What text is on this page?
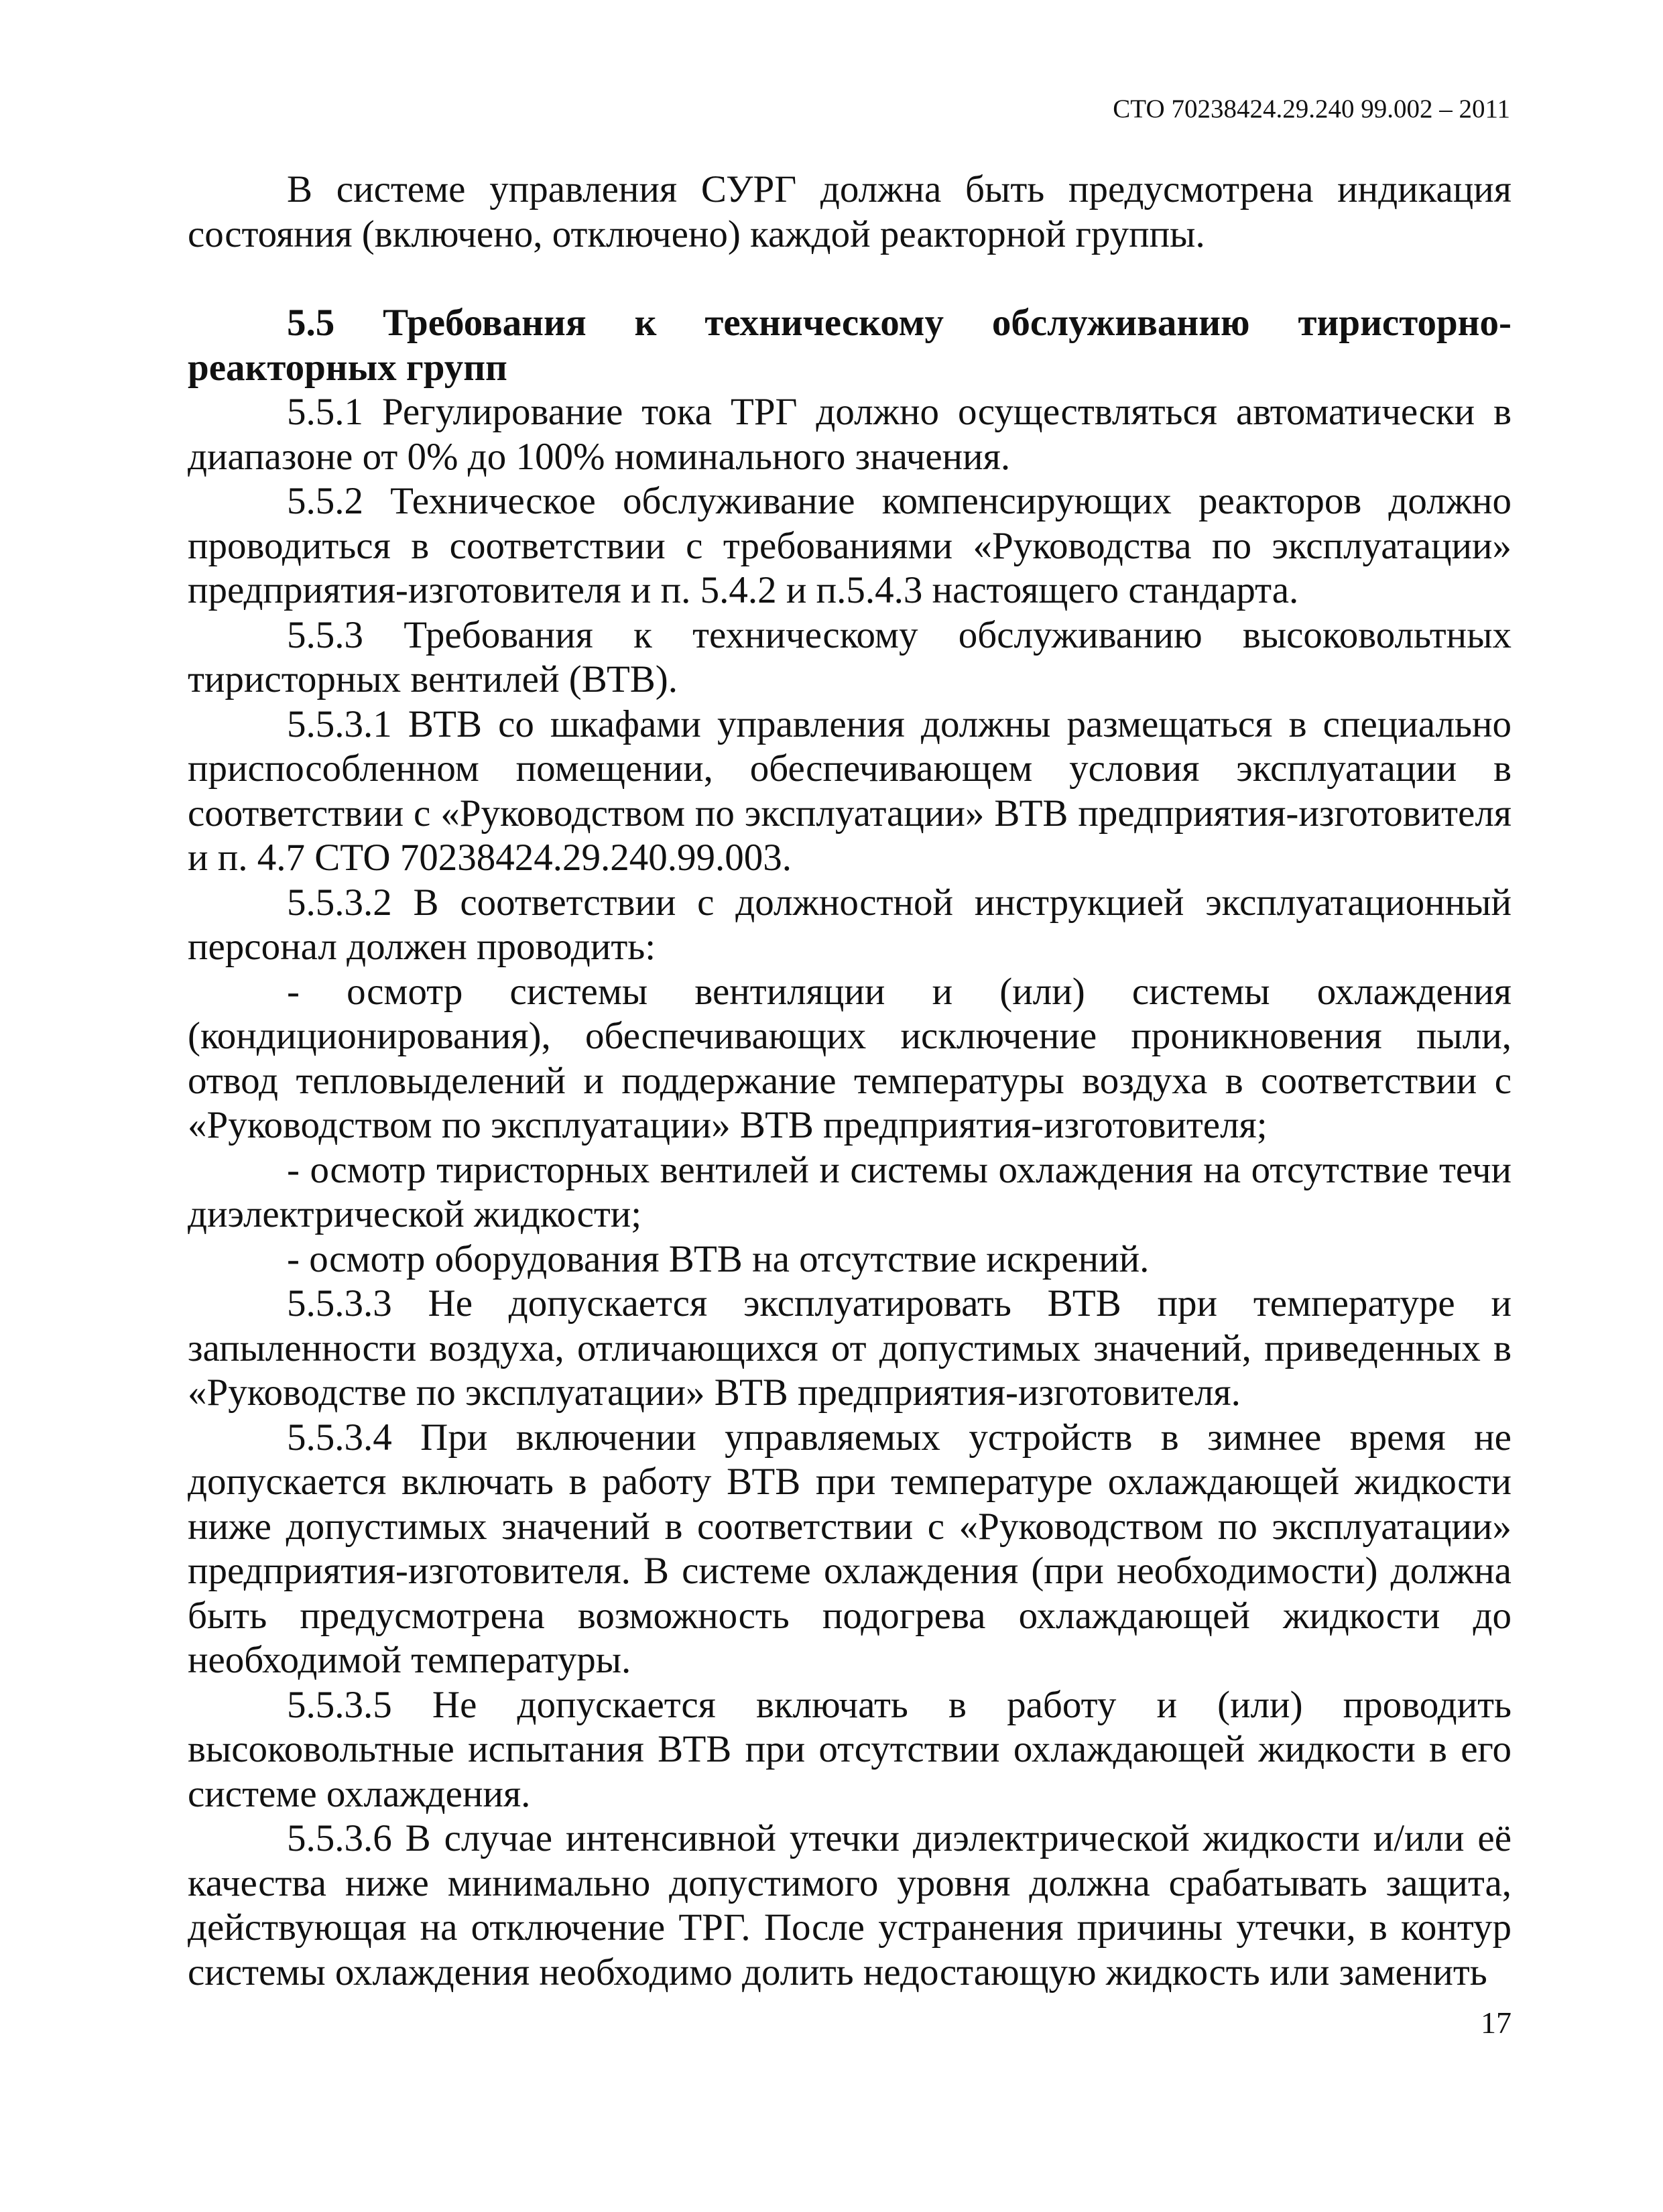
СТО 70238424.29.240 99.002 – 2011

В системе управления СУРГ должна быть предусмотрена индикация состояния (включено, отключено) каждой реакторной группы.

5.5 Требования к техническому обслуживанию тиристорно-реакторных групп

5.5.1 Регулирование тока ТРГ должно осуществляться автоматически в диапазоне от 0% до 100% номинального значения.

5.5.2 Техническое обслуживание компенсирующих реакторов должно проводиться в соответствии с требованиями «Руководства по эксплуатации» предприятия-изготовителя и п. 5.4.2 и п.5.4.3 настоящего стандарта.

5.5.3 Требования к техническому обслуживанию высоковольтных тиристорных вентилей (ВТВ).

5.5.3.1 ВТВ со шкафами управления должны размещаться в специально приспособленном помещении, обеспечивающем условия эксплуатации в соответствии с «Руководством по эксплуатации» ВТВ предприятия-изготовителя и п. 4.7 СТО 70238424.29.240.99.003.

5.5.3.2 В соответствии с должностной инструкцией эксплуатационный персонал должен проводить:

- осмотр системы вентиляции и (или) системы охлаждения (кондиционирования), обеспечивающих исключение проникновения пыли, отвод тепловыделений и поддержание температуры воздуха в соответствии с «Руководством по эксплуатации» ВТВ предприятия-изготовителя;

- осмотр тиристорных вентилей и системы охлаждения на отсутствие течи диэлектрической жидкости;

- осмотр оборудования ВТВ на отсутствие искрений.

5.5.3.3 Не допускается эксплуатировать ВТВ при температуре и запыленности воздуха, отличающихся от допустимых значений, приведенных в «Руководстве по эксплуатации» ВТВ предприятия-изготовителя.

5.5.3.4 При включении управляемых устройств в зимнее время не допускается включать в работу ВТВ при температуре охлаждающей жидкости ниже допустимых значений в соответствии с «Руководством по эксплуатации» предприятия-изготовителя. В системе охлаждения (при необходимости) должна быть предусмотрена возможность подогрева охлаждающей жидкости до необходимой температуры.

5.5.3.5 Не допускается включать в работу и (или) проводить высоковольтные испытания ВТВ при отсутствии охлаждающей жидкости в его системе охлаждения.

5.5.3.6 В случае интенсивной утечки диэлектрической жидкости и/или её качества ниже минимально допустимого уровня должна срабатывать защита, действующая на отключение ТРГ. После устранения причины утечки, в контур системы охлаждения необходимо долить недостающую жидкость или заменить

17
